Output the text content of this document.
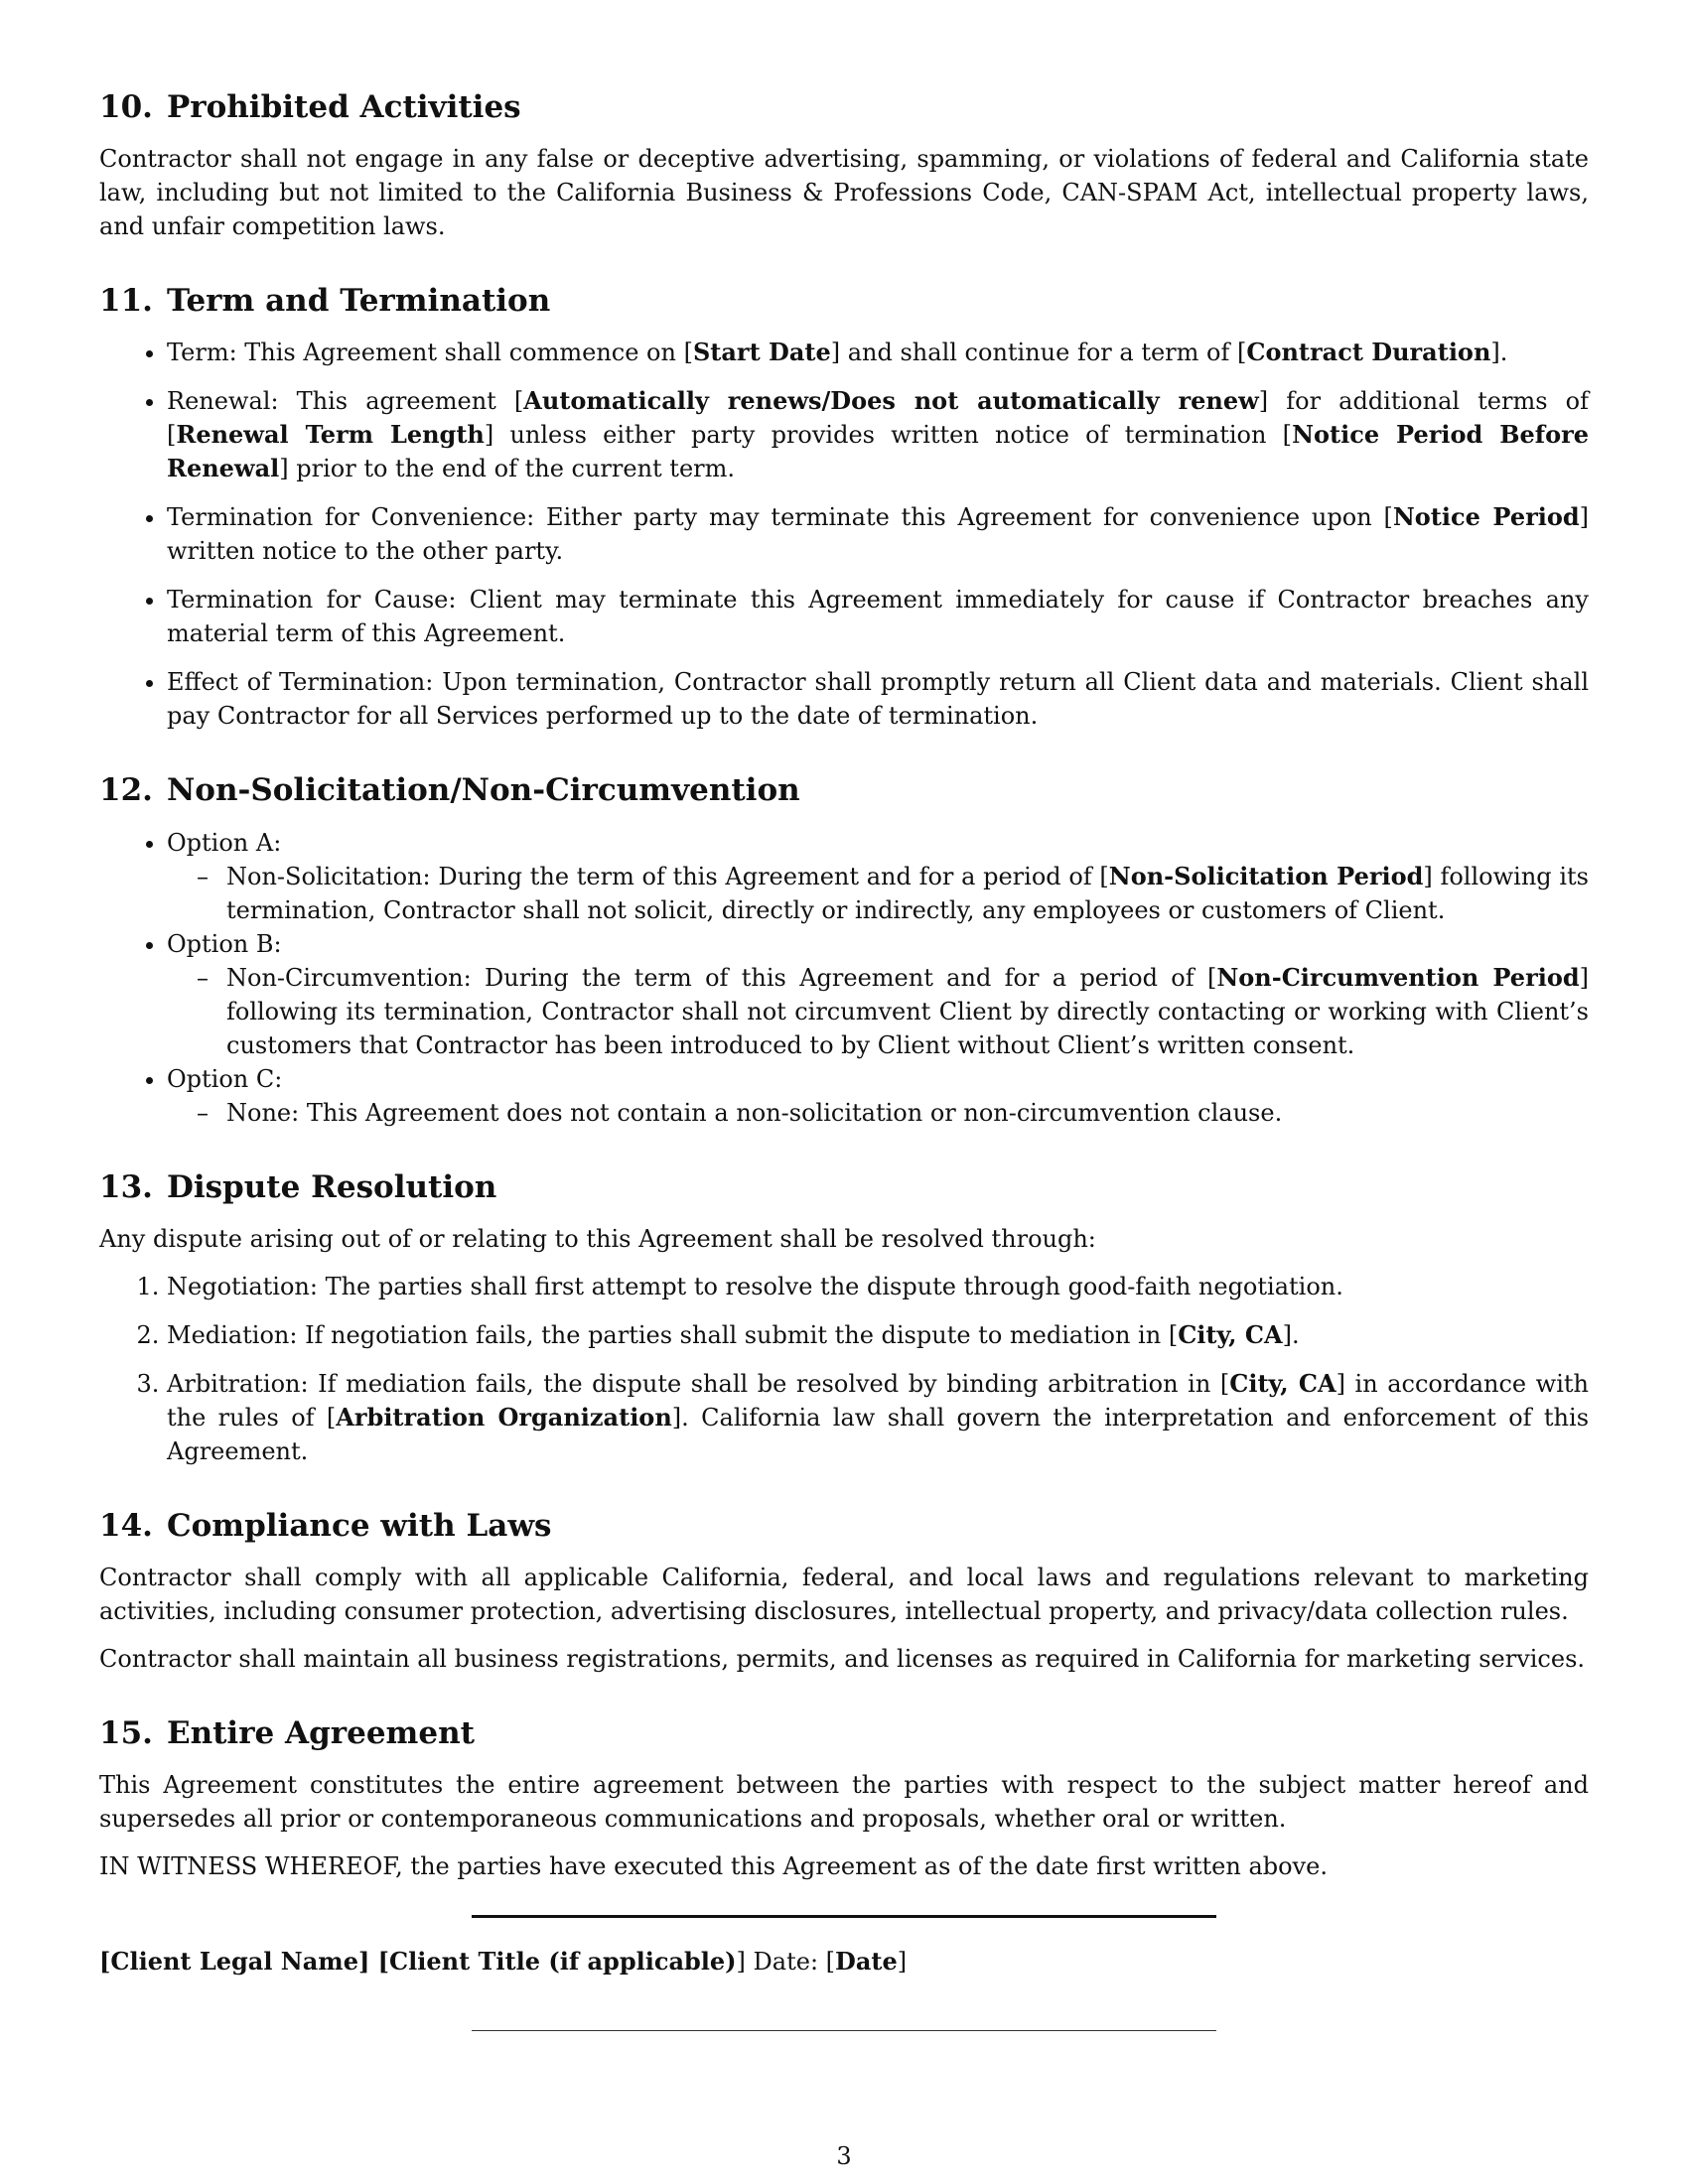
10. Prohibited Activities

Contractor shall not engage in any false or deceptive advertising, spamming, or violations of federal and California state law, including but not limited to the California Business & Professions Code, CAN-SPAM Act, intellectual property laws, and unfair competition laws.

11. Term and Termination
• Term: This Agreement shall commence on [Start Date] and shall continue for a term of [Contract Duration].
• Renewal: This agreement [Automatically renews/Does not automatically renew] for additional terms of [Renewal Term Length] unless either party provides written notice of termination [Notice Period Before Renewal] prior to the end of the current term.
• Termination for Convenience: Either party may terminate this Agreement for convenience upon [Notice Period] written notice to the other party.
• Termination for Cause: Client may terminate this Agreement immediately for cause if Contractor breaches any material term of this Agreement.
• Effect of Termination: Upon termination, Contractor shall promptly return all Client data and materials. Client shall pay Contractor for all Services performed up to the date of termination.
12. Non-Solicitation/Non-Circumvention
• Option A:
– Non-Solicitation: During the term of this Agreement and for a period of [Non-Solicitation Period] following its termination, Contractor shall not solicit, directly or indirectly, any employees or customers of Client.
• Option B:
– Non-Circumvention: During the term of this Agreement and for a period of [Non-Circumvention Period] following its termination, Contractor shall not circumvent Client by directly contacting or working with Client’s customers that Contractor has been introduced to by Client without Client’s written consent.
• Option C:
– None: This Agreement does not contain a non-solicitation or non-circumvention clause.
13. Dispute Resolution

Any dispute arising out of or relating to this Agreement shall be resolved through:

1. Negotiation: The parties shall first attempt to resolve the dispute through good-faith negotiation.
2. Mediation: If negotiation fails, the parties shall submit the dispute to mediation in [City, CA].
3. Arbitration: If mediation fails, the dispute shall be resolved by binding arbitration in [City, CA] in accordance with the rules of [Arbitration Organization]. California law shall govern the interpretation and enforcement of this Agreement.
14. Compliance with Laws

Contractor shall comply with all applicable California, federal, and local laws and regulations relevant to marketing activities, including consumer protection, advertising disclosures, intellectual property, and privacy/data collection rules.

Contractor shall maintain all business registrations, permits, and licenses as required in California for marketing services.

15. Entire Agreement

This Agreement constitutes the entire agreement between the parties with respect to the subject matter hereof and supersedes all prior or contemporaneous communications and proposals, whether oral or written.

IN WITNESS WHEREOF, the parties have executed this Agreement as of the date first written above.

[Client Legal Name] [Client Title (if applicable)] Date: [Date]
3
